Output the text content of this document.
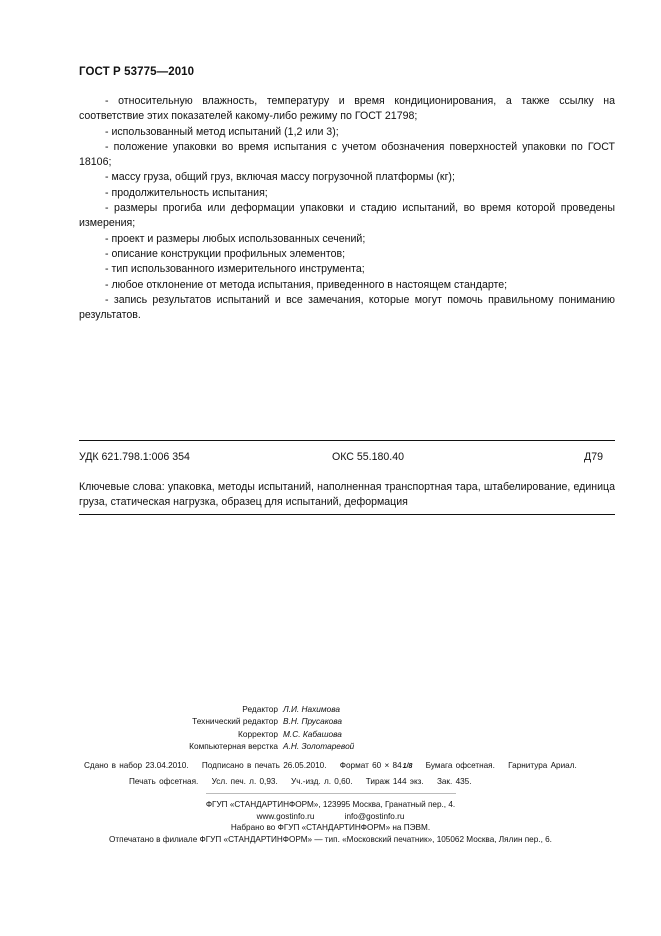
ГОСТ Р 53775—2010

- относительную влажность, температуру и время кондиционирования, а также ссылку на соответствие этих показателей какому-либо режиму по ГОСТ 21798;

- использованный метод испытаний (1,2 или 3);

- положение упаковки во время испытания с учетом обозначения поверхностей упаковки по ГОСТ 18106;

- массу груза, общий груз, включая массу погрузочной платформы (кг);

- продолжительность испытания;

- размеры прогиба или деформации упаковки и стадию испытаний, во время которой проведены измерения;

- проект и размеры любых использованных сечений;

- описание конструкции профильных элементов;

- тип использованного измерительного инструмента;

- любое отклонение от метода испытания, приведенного в настоящем стандарте;

- запись результатов испытаний и все замечания, которые могут помочь правильному пониманию результатов.

УДК 621.798.1:006 354	ОКС 55.180.40	Д79
Ключевые слова: упаковка, методы испытаний, наполненная транспортная тара, штабелирование, единица груза, статическая нагрузка, образец для испытаний, деформация
Редактор Л.И. Нахимова
Технический редактор В.Н. Прусакова
Корректор М.С. Кабашова
Компьютерная верстка А.Н. Золотаревой
Сдано в набор 23.04.2010. Подписано в печать 26.05.2010. Формат 60 × 841/8 Бумага офсетная. Гарнитура Ариал.
Печать офсетная. Усл. печ. л. 0,93. Уч.-изд. л. 0,60. Тираж 144 экз. Зак. 435.
ФГУП «СТАНДАРТИНФОРМ», 123995 Москва, Гранатный пер., 4.
www.gostinfo.ru	info@gostinfo.ru
Набрано во ФГУП «СТАНДАРТИНФОРМ» на ПЭВМ.
Отпечатано в филиале ФГУП «СТАНДАРТИНФОРМ» — тип. «Московский печатник», 105062 Москва, Лялин пер., 6.
